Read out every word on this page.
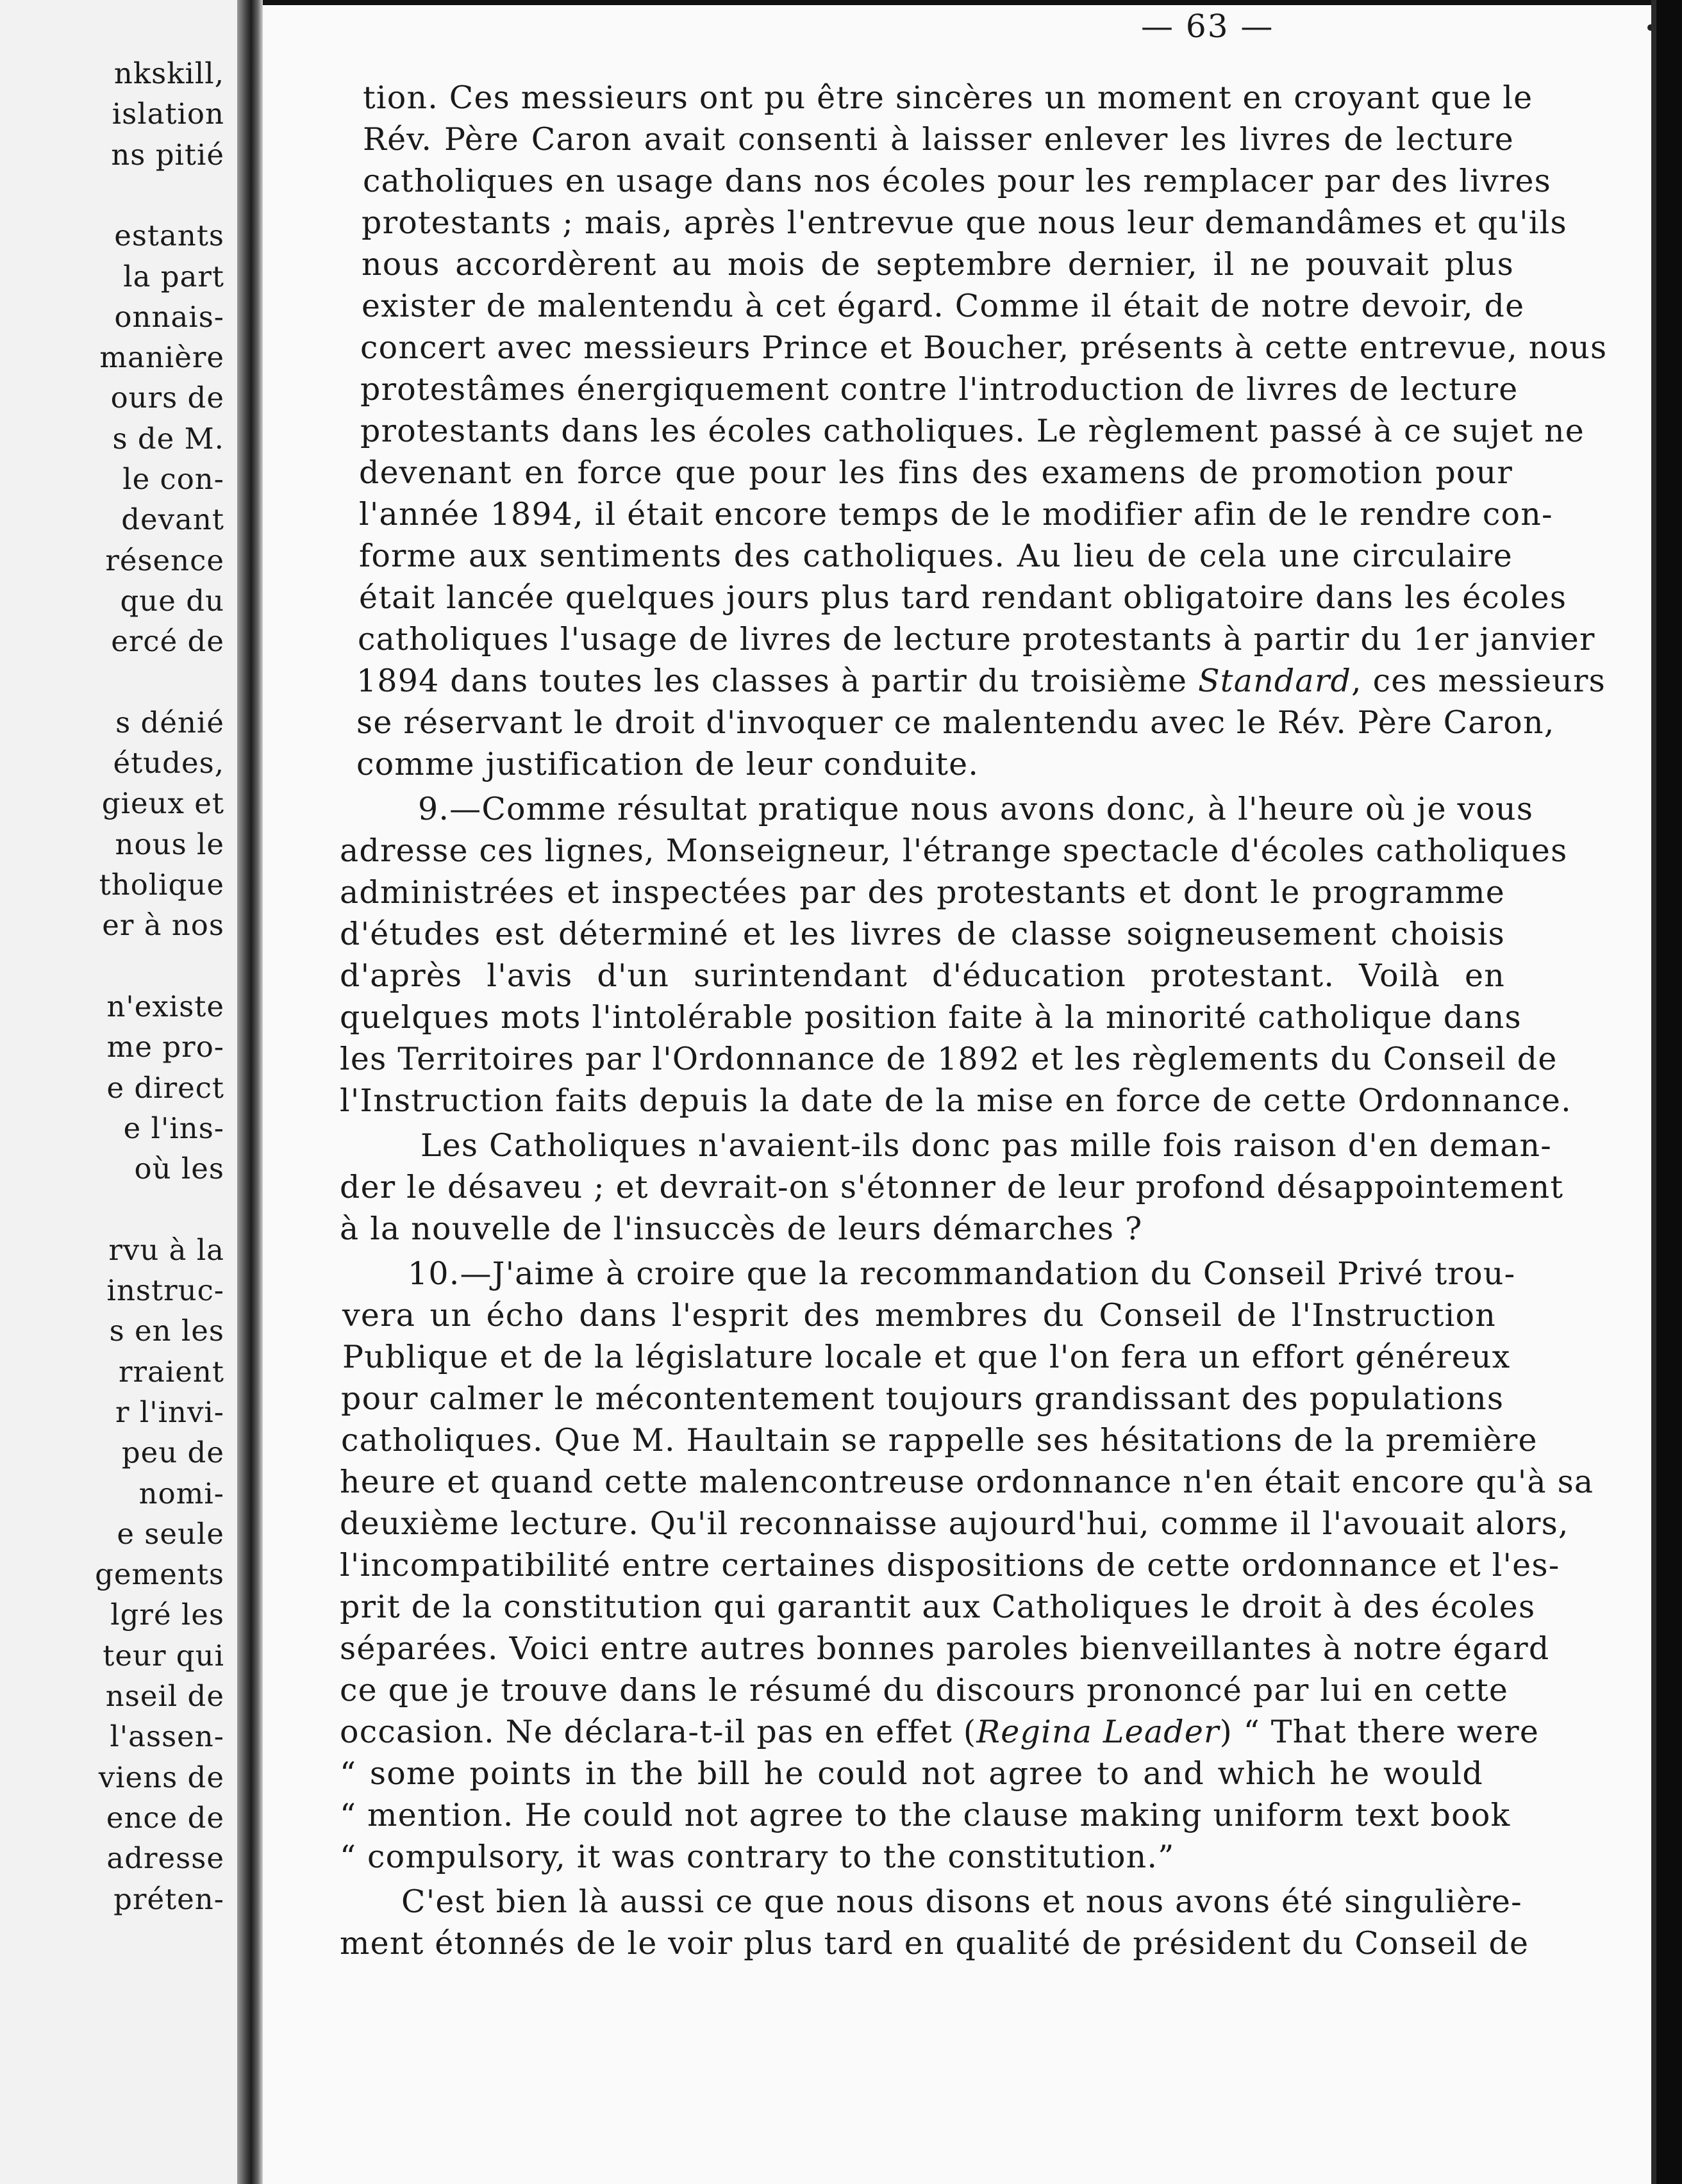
nkskill,
islation
ns pitié
estants
la part
onnais-
manière
ours de
s de M.
le con-
devant
résence
que du
ercé de
s dénié
études,
gieux et
nous le
tholique
er à nos
n'existe
me pro-
e direct
e l'ins-
où les
rvu à la
instruc-
s en les
rraient
r l'invi-
peu de
nomi-
e seule
gements
lgré les
teur qui
nseil de
l'assen-
viens de
ence de
adresse
préten-
— 63 —
tion. Ces messieurs ont pu être sincères un moment en croyant que le
Rév. Père Caron avait consenti à laisser enlever les livres de lecture
catholiques en usage dans nos écoles pour les remplacer par des livres
protestants ; mais, après l'entrevue que nous leur demandâmes et qu'ils
nous accordèrent au mois de septembre dernier, il ne pouvait plus
exister de malentendu à cet égard. Comme il était de notre devoir, de
concert avec messieurs Prince et Boucher, présents à cette entrevue, nous
protestâmes énergiquement contre l'introduction de livres de lecture
protestants dans les écoles catholiques. Le règlement passé à ce sujet ne
devenant en force que pour les fins des examens de promotion pour
l'année 1894, il était encore temps de le modifier afin de le rendre con-
forme aux sentiments des catholiques. Au lieu de cela une circulaire
était lancée quelques jours plus tard rendant obligatoire dans les écoles
catholiques l'usage de livres de lecture protestants à partir du 1er janvier
1894 dans toutes les classes à partir du troisième Standard, ces messieurs
se réservant le droit d'invoquer ce malentendu avec le Rév. Père Caron,
comme justification de leur conduite.
9.—Comme résultat pratique nous avons donc, à l'heure où je vous
adresse ces lignes, Monseigneur, l'étrange spectacle d'écoles catholiques
administrées et inspectées par des protestants et dont le programme
d'études est déterminé et les livres de classe soigneusement choisis
d'après l'avis d'un surintendant d'éducation protestant. Voilà en
quelques mots l'intolérable position faite à la minorité catholique dans
les Territoires par l'Ordonnance de 1892 et les règlements du Conseil de
l'Instruction faits depuis la date de la mise en force de cette Ordonnance.
Les Catholiques n'avaient-ils donc pas mille fois raison d'en deman-
der le désaveu ; et devrait-on s'étonner de leur profond désappointement
à la nouvelle de l'insuccès de leurs démarches ?
10.—J'aime à croire que la recommandation du Conseil Privé trou-
vera un écho dans l'esprit des membres du Conseil de l'Instruction
Publique et de la législature locale et que l'on fera un effort généreux
pour calmer le mécontentement toujours grandissant des populations
catholiques. Que M. Haultain se rappelle ses hésitations de la première
heure et quand cette malencontreuse ordonnance n'en était encore qu'à sa
deuxième lecture. Qu'il reconnaisse aujourd'hui, comme il l'avouait alors,
l'incompatibilité entre certaines dispositions de cette ordonnance et l'es-
prit de la constitution qui garantit aux Catholiques le droit à des écoles
séparées. Voici entre autres bonnes paroles bienveillantes à notre égard
ce que je trouve dans le résumé du discours prononcé par lui en cette
occasion. Ne déclara-t-il pas en effet (Regina Leader) “ That there were
“ some points in the bill he could not agree to and which he would
“ mention. He could not agree to the clause making uniform text book
“ compulsory, it was contrary to the constitution.”
C'est bien là aussi ce que nous disons et nous avons été singulière-
ment étonnés de le voir plus tard en qualité de président du Conseil de
